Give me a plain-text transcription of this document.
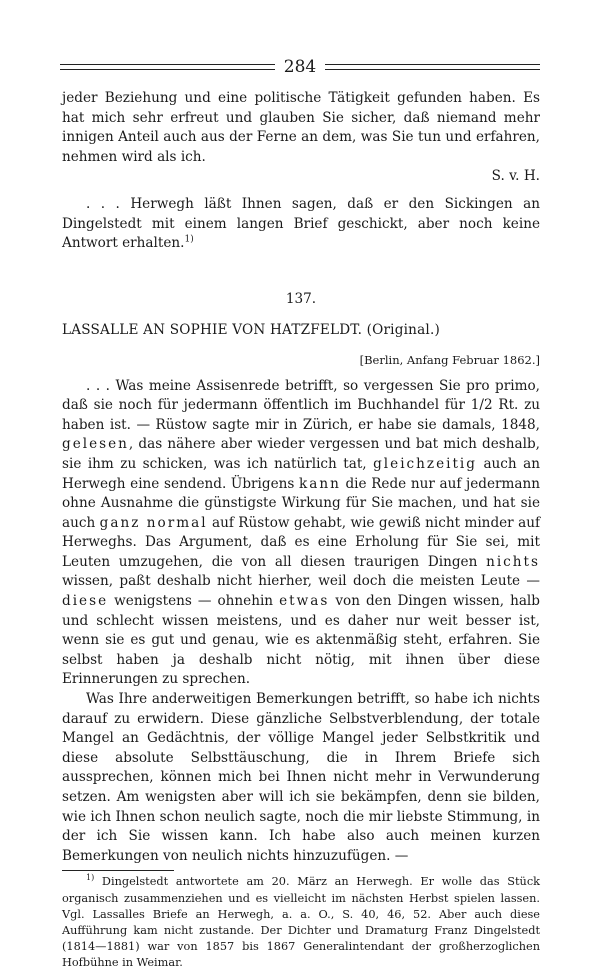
284

jeder Beziehung und eine politische Tätigkeit gefunden haben. Es hat mich sehr erfreut und glauben Sie sicher, daß niemand mehr innigen Anteil auch aus der Ferne an dem, was Sie tun und erfahren, nehmen wird als ich.
S. v. H.

. . . Herwegh läßt Ihnen sagen, daß er den Sickingen an Dingelstedt mit einem langen Brief geschickt, aber noch keine Antwort erhalten.$^{1)}$

137.

LASSALLE AN SOPHIE VON HATZFELDT. (Original.)

[Berlin, Anfang Februar 1862.]

. . . Was meine Assisenrede betrifft, so vergessen Sie pro primo, daß sie noch für jedermann öffentlich im Buchhandel für 1/2 Rt. zu haben ist. — Rüstow sagte mir in Zürich, er habe sie damals, 1848, gelesen, das nähere aber wieder vergessen und bat mich deshalb, sie ihm zu schicken, was ich natürlich tat, gleichzeitig auch an Herwegh eine sendend. Übrigens kann die Rede nur auf jedermann ohne Ausnahme die günstigste Wirkung für Sie machen, und hat sie auch ganz normal auf Rüstow gehabt, wie gewiß nicht minder auf Herweghs. Das Argument, daß es eine Erholung für Sie sei, mit Leuten umzugehen, die von all diesen traurigen Dingen nichts wissen, paßt deshalb nicht hierher, weil doch die meisten Leute — diese wenigstens — ohnehin etwas von den Dingen wissen, halb und schlecht wissen meistens, und es daher nur weit besser ist, wenn sie es gut und genau, wie es aktenmäßig steht, erfahren. Sie selbst haben ja deshalb nicht nötig, mit ihnen über diese Erinnerungen zu sprechen.

Was Ihre anderweitigen Bemerkungen betrifft, so habe ich nichts darauf zu erwidern. Diese gänzliche Selbstverblendung, der totale Mangel an Gedächtnis, der völlige Mangel jeder Selbstkritik und diese absolute Selbsttäuschung, die in Ihrem Briefe sich aussprechen, können mich bei Ihnen nicht mehr in Verwunderung setzen. Am wenigsten aber will ich sie bekämpfen, denn sie bilden, wie ich Ihnen schon neulich sagte, noch die mir liebste Stimmung, in der ich Sie wissen kann. Ich habe also auch meinen kurzen Bemerkungen von neulich nichts hinzuzufügen. —

$^{1)}$ Dingelstedt antwortete am 20. März an Herwegh. Er wolle das Stück organisch zusammenziehen und es vielleicht im nächsten Herbst spielen lassen. Vgl. Lassalles Briefe an Herwegh, a. a. O., S. 40, 46, 52. Aber auch diese Aufführung kam nicht zustande. Der Dichter und Dramaturg Franz Dingelstedt (1814—1881) war von 1857 bis 1867 Generalintendant der großherzoglichen Hofbühne in Weimar.
